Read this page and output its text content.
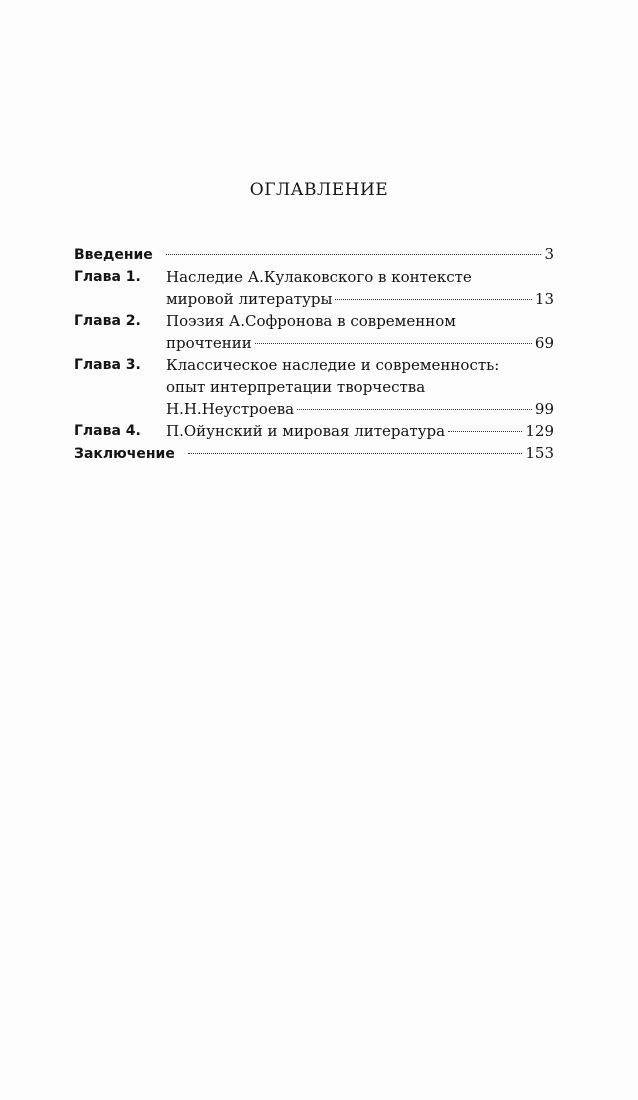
ОГЛАВЛЕНИЕ
Введение	3
Глава 1.	Наследие А.Кулаковского в контексте
мировой литературы	13
Глава 2.	Поэзия А.Софронова в современном
прочтении	69
Глава 3.	Классическое наследие и современность:
опыт интерпретации творчества
Н.Н.Неустроева	99
Глава 4.	П.Ойунский и мировая литература	129
Заключение	153
